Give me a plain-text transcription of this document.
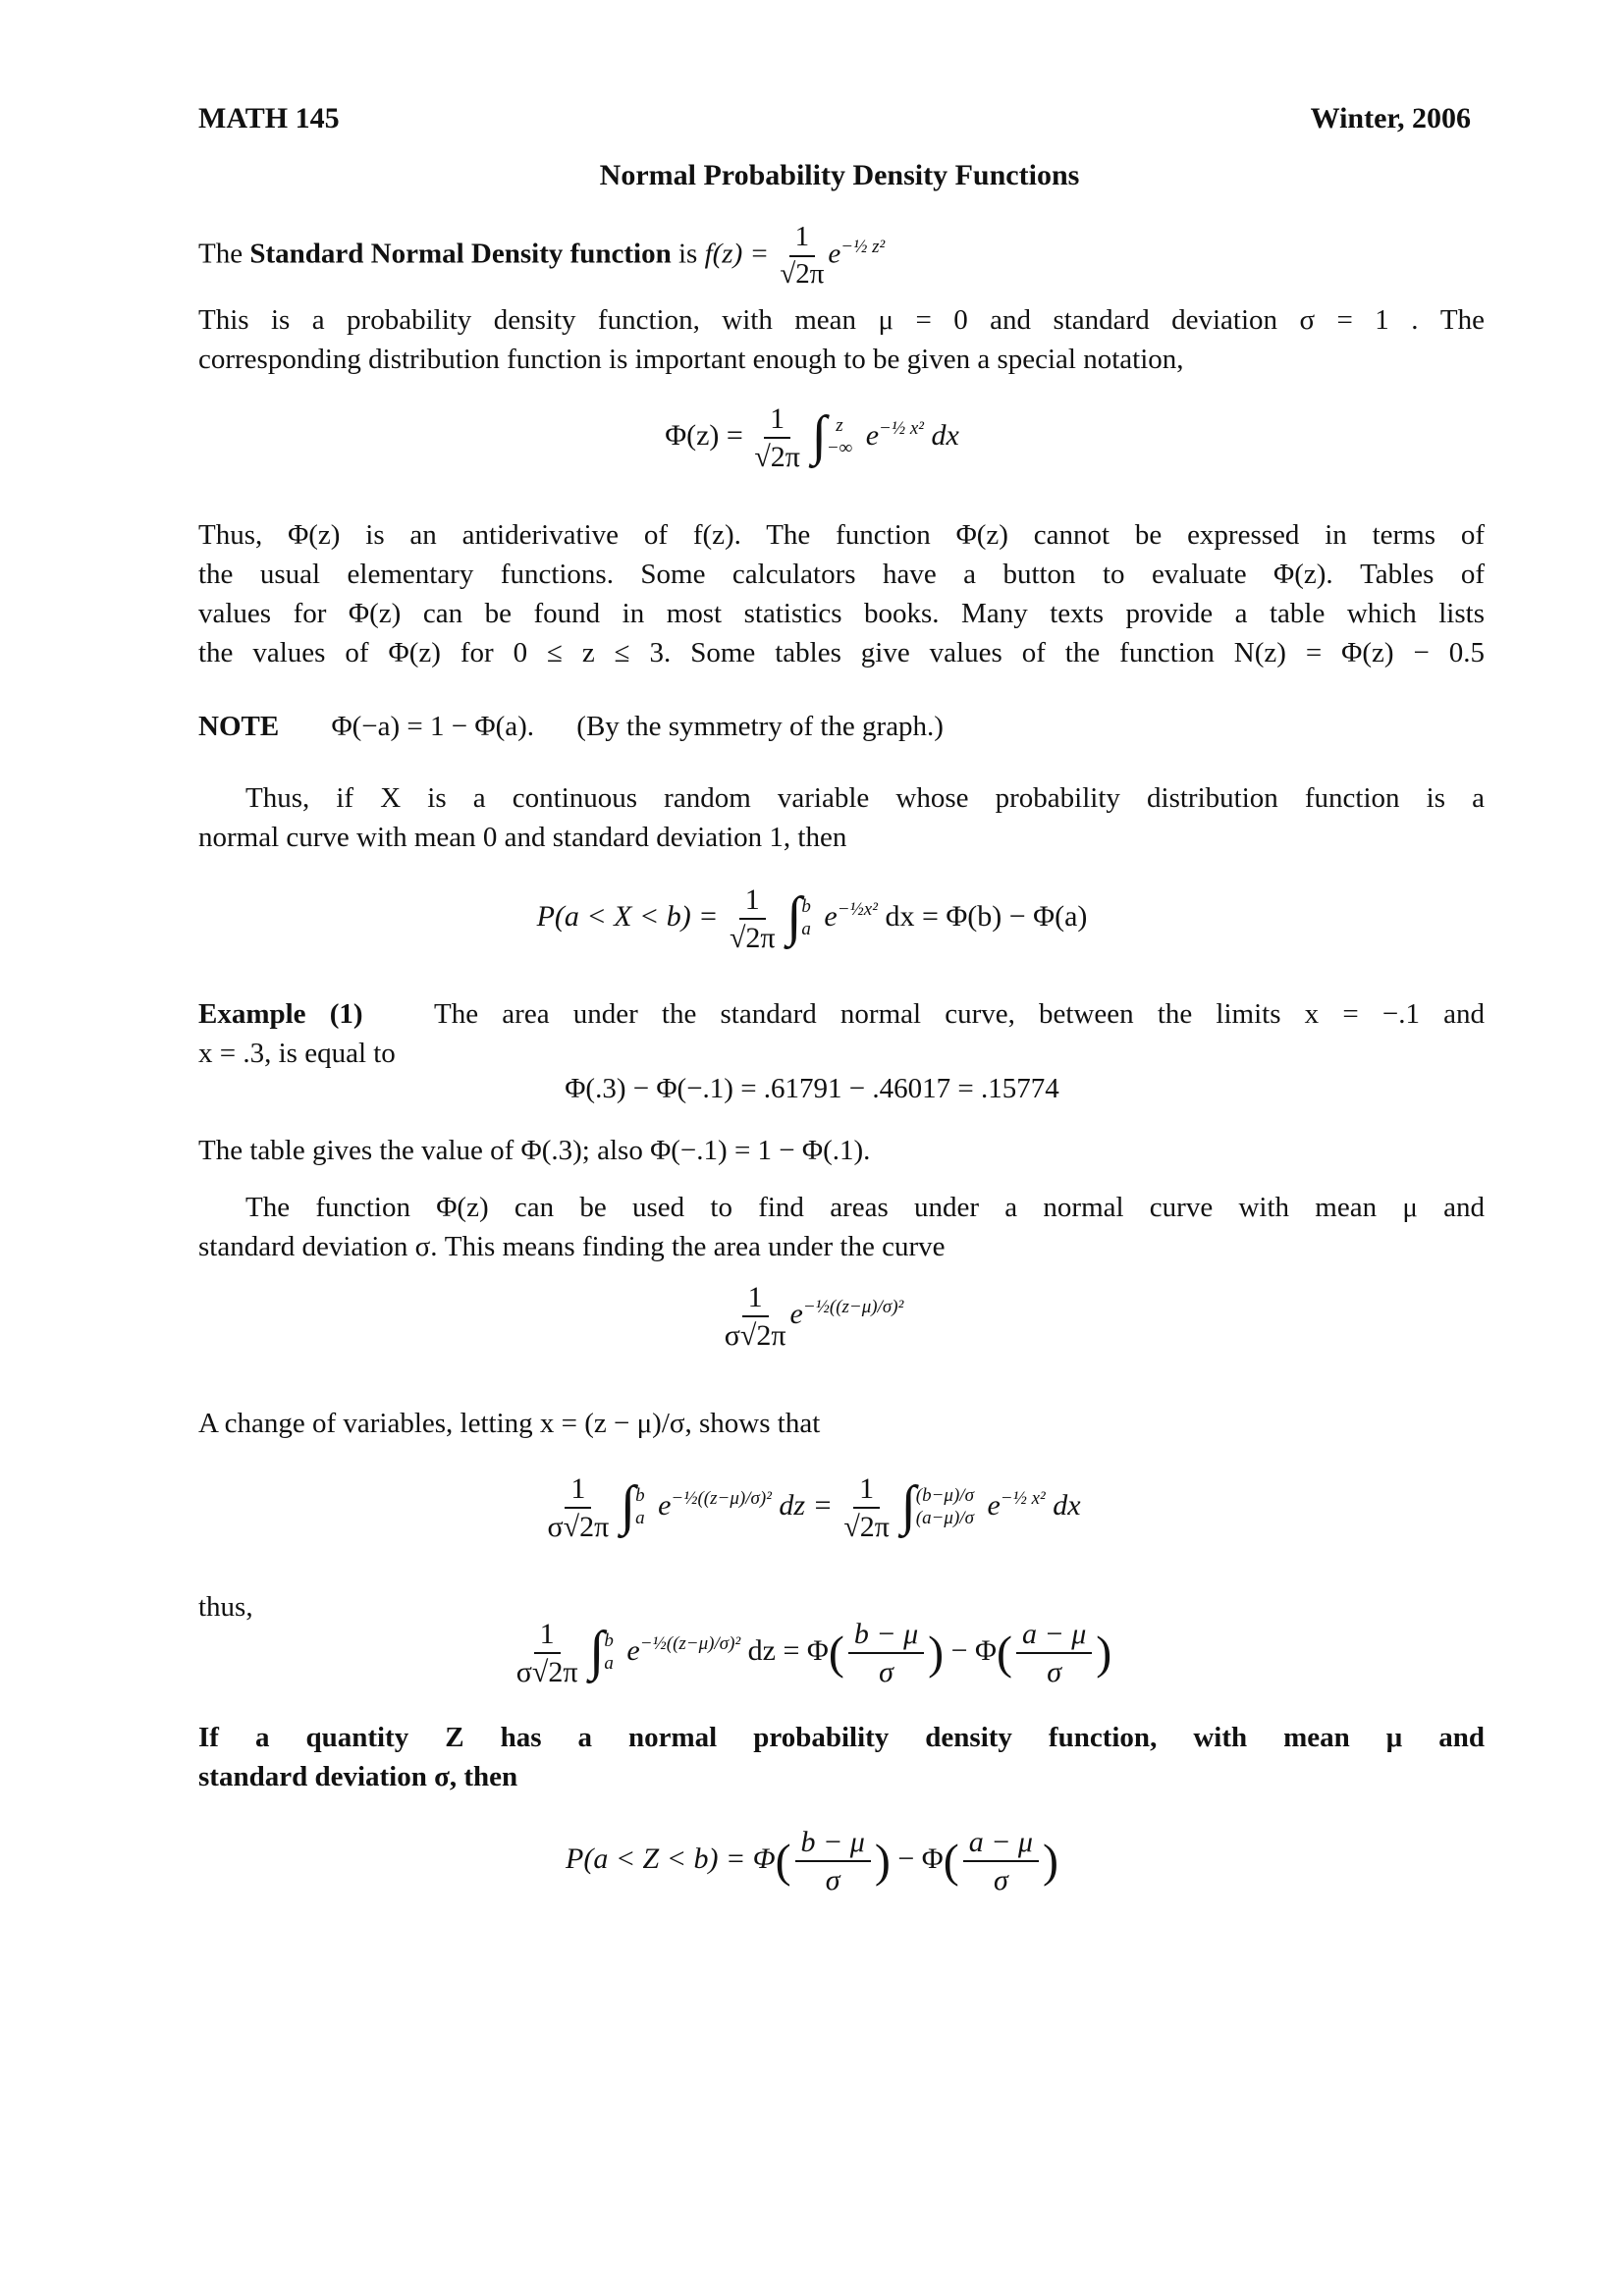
MATH 145	Winter, 2006
Normal Probability Density Functions
The Standard Normal Density function is $f(z) = \frac{1}{√2\pi} e^{-\frac{1}{2} z^2}$
This is a probability density function, with mean μ = 0 and standard deviation σ = 1 . The
corresponding distribution function is important enough to be given a special notation,
$\Phi(z) = \frac{1}{√2\pi}$ ∫ z
−∞ $e^{-\frac{1}{2} x^2}$ dx
Thus, Φ(z) is an antiderivative of f(z). The function Φ(z) cannot be expressed in terms of
the usual elementary functions. Some calculators have a button to evaluate Φ(z). Tables of
values for Φ(z) can be found in most statistics books. Many texts provide a table which lists
the values of Φ(z) for 0 ≤ z ≤ 3. Some tables give values of the function N(z) = Φ(z) − 0.5
NOTE Φ(−a) = 1 − Φ(a). (By the symmetry of the graph.)
Thus, if X is a continuous random variable whose probability distribution function is a
normal curve with mean 0 and standard deviation 1, then
$P(a < X < b) = \frac{1}{√2\pi}$ ∫ b
a $e^{-\frac{1}{2}x^2}$ dx = Φ(b) − Φ(a)
Example (1)	The area under the standard normal curve, between the limits x = −.1 and
x = .3, is equal to
Φ(.3) − Φ(−.1) = .61791 − .46017 = .15774
The table gives the value of Φ(.3); also Φ(−.1) = 1 − Φ(.1).
The function Φ(z) can be used to find areas under a normal curve with mean μ and
standard deviation σ. This means finding the area under the curve
$\frac{1}{\sigma√2\pi} e^{-\frac{1}{2}((z-\mu)/\sigma)^2}$
A change of variables, letting x = (z − μ)/σ, shows that
$\frac{1}{\sigma√2\pi}$ ∫ b
a $e^{-\frac{1}{2}((z-\mu)/\sigma)^2}$ dz = $\frac{1}{√2\pi}$ ∫ (b−μ)/σ
(a−μ)/σ $e^{-\frac{1}{2} x^2}$ dx
thus,
$\frac{1}{\sigma√2\pi}$ ∫ b
a $e^{-\frac{1}{2}((z-\mu)/\sigma)^2}$ dz = $\Phi( \frac{b - \mu}{\sigma}$ ) − $\Phi( \frac{a - \mu}{\sigma}$ )
If a quantity Z has a normal probability density function, with mean μ and
standard deviation σ, then
$P(a < Z < b) = \Phi( \frac{b - \mu}{\sigma}$ ) − $\Phi( \frac{a - \mu}{\sigma}$ )
